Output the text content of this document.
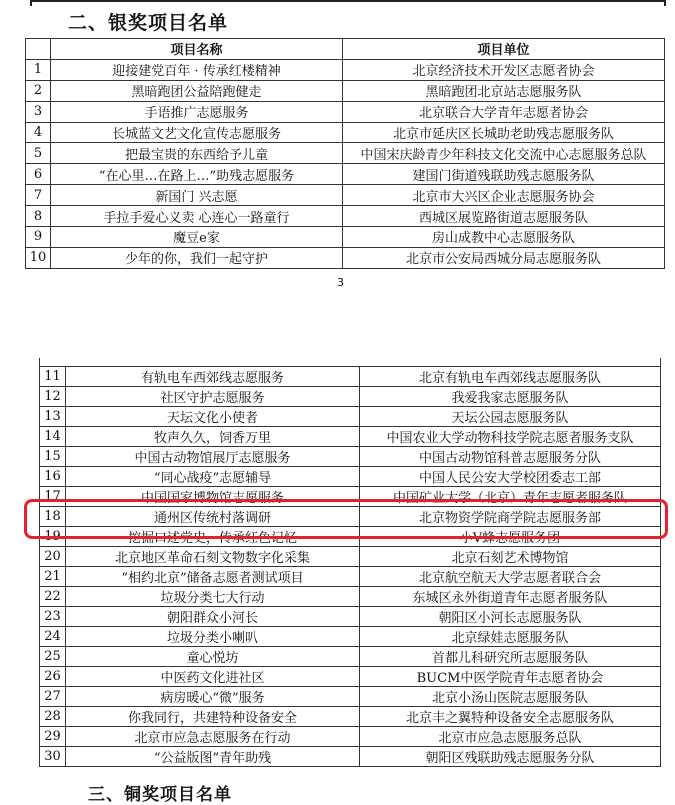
二、银奖项目名单
	项目名称	项目单位
1	迎接建党百年 · 传承红楼精神	北京经济技术开发区志愿者协会
2	黑暗跑团公益陪跑健走	黑暗跑团北京站志愿服务队
3	手语推广志愿服务	北京联合大学青年志愿者协会
4	长城蓝文艺文化宣传志愿服务	北京市延庆区长城助老助残志愿服务队
5	把最宝贵的东西给予儿童	中国宋庆龄青少年科技文化交流中心志愿服务总队
6	“在心里…在路上…”助残志愿服务	建国门街道残联助残志愿服务队
7	新国门 兴志愿	北京市大兴区企业志愿服务协会
8	手拉手爱心义卖 心连心一路童行	西城区展览路街道志愿服务队
9	魔豆e家	房山成教中心志愿服务队
10	少年的你，我们一起守护	北京市公安局西城分局志愿服务队
3
11	有轨电车西郊线志愿服务	北京有轨电车西郊线志愿服务队
12	社区守护志愿服务	我爱我家志愿服务队
13	天坛文化小使者	天坛公园志愿服务队
14	牧声久久，饲香万里	中国农业大学动物科技学院志愿者服务支队
15	中国古动物馆展厅志愿服务	中国古动物馆科普志愿服务分队
16	“同心战疫”志愿辅导	中国人民公安大学校团委志工部
17	中国国家博物馆志愿服务	中国矿业大学（北京）青年志愿者服务队
18	通州区传统村落调研	北京物资学院商学院志愿服务部
19	挖掘口述党史，传承红色记忆	小V蜂志愿服务团
20	北京地区革命石刻文物数字化采集	北京石刻艺术博物馆
21	“相约北京”储备志愿者测试项目	北京航空航天大学志愿者联合会
22	垃圾分类七大行动	东城区永外街道青年志愿者服务队
23	朝阳群众小河长	朝阳区小河长志愿服务队
24	垃圾分类小喇叭	北京绿娃志愿服务队
25	童心悦坊	首都儿科研究所志愿服务队
26	中医药文化进社区	BUCM中医学院青年志愿者协会
27	病房暖心“微”服务	北京小汤山医院志愿服务队
28	你我同行，共建特种设备安全	北京丰之翼特种设备安全志愿服务队
29	北京市应急志愿服务在行动	北京市应急志愿服务总队
30	“公益版图”青年助残	朝阳区残联助残志愿服务分队
三、铜奖项目名单
